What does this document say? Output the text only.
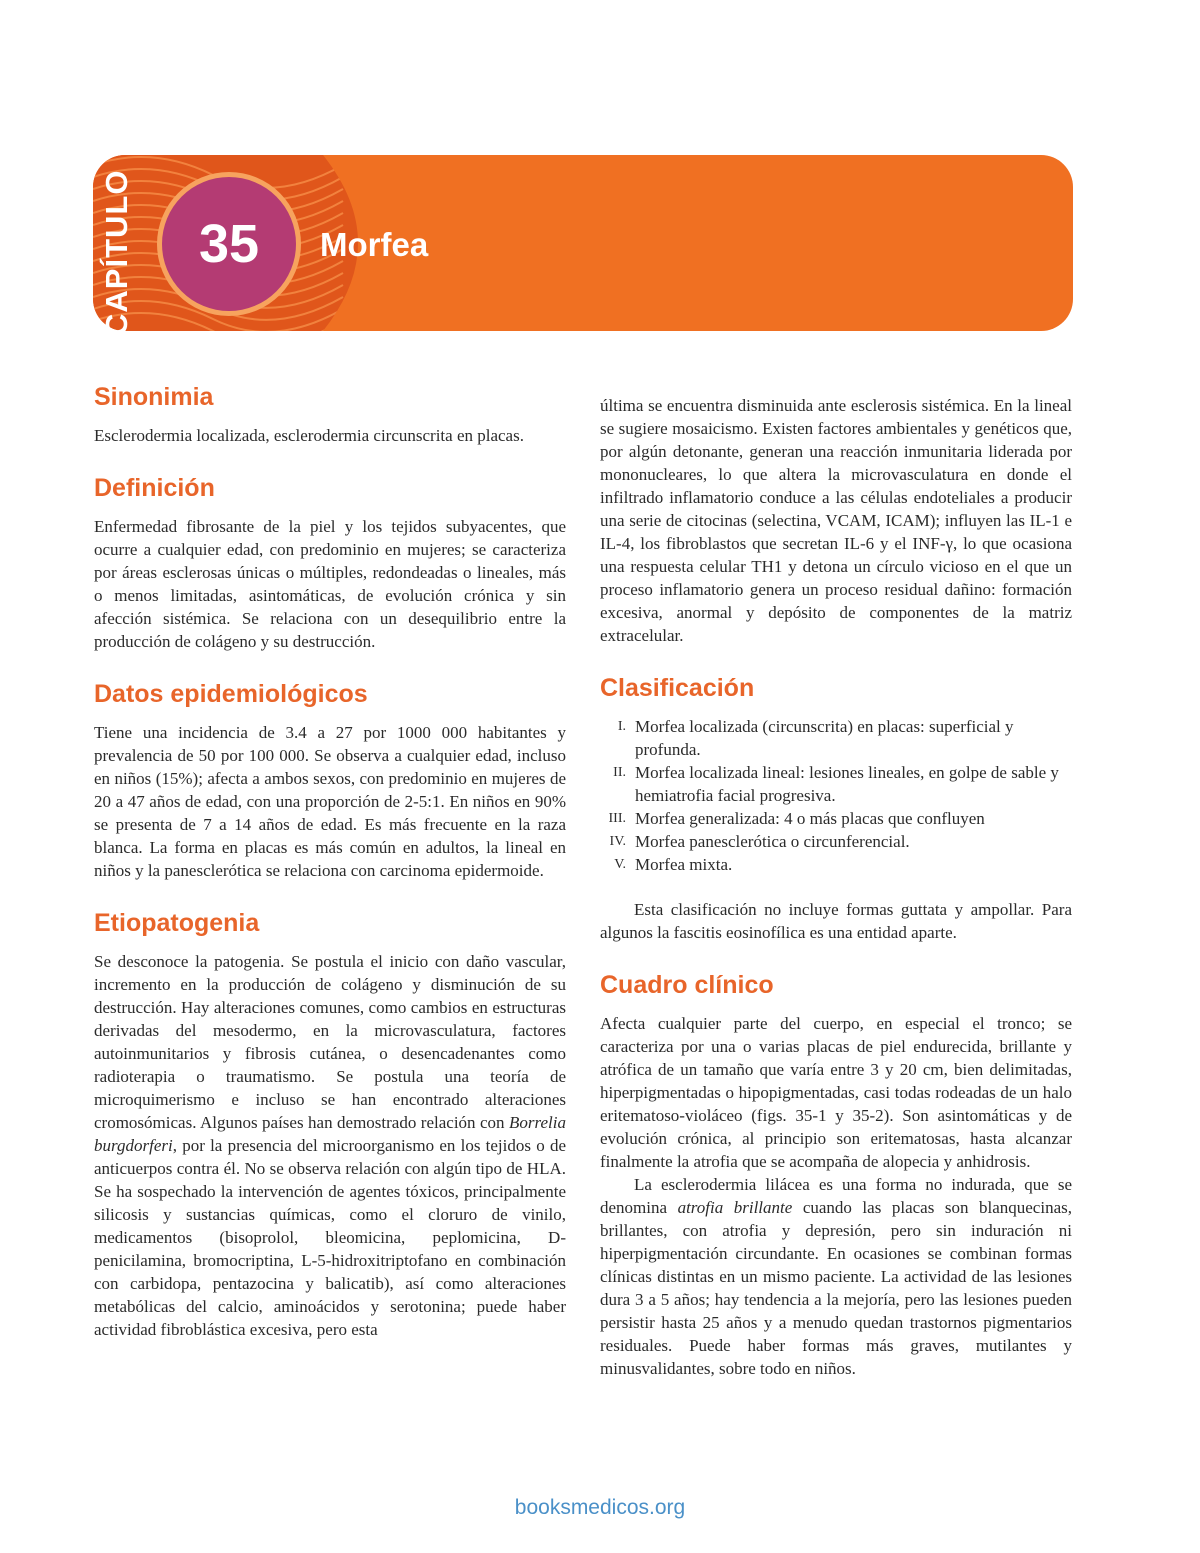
CAPÍTULO	35	Morfea
Sinonimia

Esclerodermia localizada, esclerodermia circunscrita en placas.

Definición

Enfermedad fibrosante de la piel y los tejidos subyacentes, que ocurre a cualquier edad, con predominio en mujeres; se caracteriza por áreas esclerosas únicas o múltiples, redondeadas o lineales, más o menos limitadas, asintomáticas, de evolución crónica y sin afección sistémica. Se relaciona con un desequilibrio entre la producción de colágeno y su destrucción.

Datos epidemiológicos

Tiene una incidencia de 3.4 a 27 por 1000 000 habitantes y prevalencia de 50 por 100 000. Se observa a cualquier edad, incluso en niños (15%); afecta a ambos sexos, con predominio en mujeres de 20 a 47 años de edad, con una proporción de 2-5:1. En niños en 90% se presenta de 7 a 14 años de edad. Es más frecuente en la raza blanca. La forma en placas es más común en adultos, la lineal en niños y la panesclerótica se relaciona con carcinoma epidermoide.

Etiopatogenia

Se desconoce la patogenia. Se postula el inicio con daño vascular, incremento en la producción de colágeno y disminución de su destrucción. Hay alteraciones comunes, como cambios en estructuras derivadas del mesodermo, en la microvasculatura, factores autoinmunitarios y fibrosis cutánea, o desencadenantes como radioterapia o traumatismo. Se postula una teoría de microquimerismo e incluso se han encontrado alteraciones cromosómicas. Algunos países han demostrado relación con Borrelia burgdorferi, por la presencia del microorganismo en los tejidos o de anticuerpos contra él. No se observa relación con algún tipo de HLA. Se ha sospechado la intervención de agentes tóxicos, principalmente silicosis y sustancias químicas, como el cloruro de vinilo, medicamentos (bisoprolol, bleomicina, peplomicina, D-penicilamina, bromocriptina, L-5-hidroxitriptofano en combinación con carbidopa, pentazocina y balicatib), así como alteraciones metabólicas del calcio, aminoácidos y serotonina; puede haber actividad fibroblástica excesiva, pero esta

última se encuentra disminuida ante esclerosis sistémica. En la lineal se sugiere mosaicismo. Existen factores ambientales y genéticos que, por algún detonante, generan una reacción inmunitaria liderada por mononucleares, lo que altera la microvasculatura en donde el infiltrado inflamatorio conduce a las células endoteliales a producir una serie de citocinas (selectina, VCAM, ICAM); influyen las IL-1 e IL-4, los fibroblastos que secretan IL-6 y el INF-γ, lo que ocasiona una respuesta celular TH1 y detona un círculo vicioso en el que un proceso inflamatorio genera un proceso residual dañino: formación excesiva, anormal y depósito de componentes de la matriz extracelular.

Clasificación
I. Morfea localizada (circunscrita) en placas: superficial y profunda.
II. Morfea localizada lineal: lesiones lineales, en golpe de sable y hemiatrofia facial progresiva.
III. Morfea generalizada: 4 o más placas que confluyen
IV. Morfea panesclerótica o circunferencial.
V. Morfea mixta.

Esta clasificación no incluye formas guttata y ampollar. Para algunos la fascitis eosinofílica es una entidad aparte.

Cuadro clínico

Afecta cualquier parte del cuerpo, en especial el tronco; se caracteriza por una o varias placas de piel endurecida, brillante y atrófica de un tamaño que varía entre 3 y 20 cm, bien delimitadas, hiperpigmentadas o hipopigmentadas, casi todas rodeadas de un halo eritematoso-violáceo (figs. 35-1 y 35-2). Son asintomáticas y de evolución crónica, al principio son eritematosas, hasta alcanzar finalmente la atrofia que se acompaña de alopecia y anhidrosis.

La esclerodermia lilácea es una forma no indurada, que se denomina atrofia brillante cuando las placas son blanquecinas, brillantes, con atrofia y depresión, pero sin induración ni hiperpigmentación circundante. En ocasiones se combinan formas clínicas distintas en un mismo paciente. La actividad de las lesiones dura 3 a 5 años; hay tendencia a la mejoría, pero las lesiones pueden persistir hasta 25 años y a menudo quedan trastornos pigmentarios residuales. Puede haber formas más graves, mutilantes y minusvalidantes, sobre todo en niños.

booksmedicos.org
